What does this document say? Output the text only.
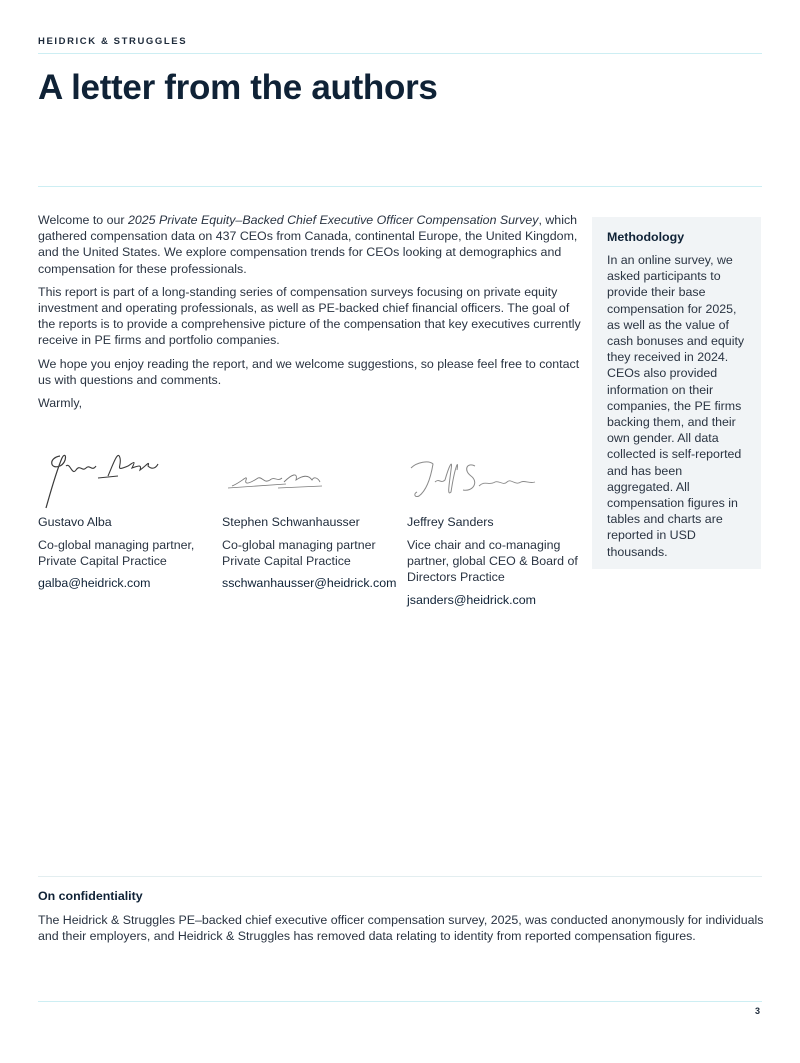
HEIDRICK & STRUGGLES
A letter from the authors

Welcome to our 2025 Private Equity–Backed Chief Executive Officer Compensation Survey, which gathered compensation data on 437 CEOs from Canada, continental Europe, the United Kingdom, and the United States. We explore compensation trends for CEOs looking at demographics and compensation for these professionals.

This report is part of a long-standing series of compensation surveys focusing on private equity investment and operating professionals, as well as PE-backed chief financial officers. The goal of the reports is to provide a comprehensive picture of the compensation that key executives currently receive in PE firms and portfolio companies.

We hope you enjoy reading the report, and we welcome suggestions, so please feel free to contact us with questions and comments.

Warmly,

Gustavo Alba
Co-global managing partner, Private Capital Practice
galba@heidrick.com
Stephen Schwanhausser
Co-global managing partner Private Capital Practice
sschwanhausser@heidrick.com
Jeffrey Sanders
Vice chair and co-managing partner, global CEO & Board of Directors Practice
jsanders@heidrick.com
Methodology
In an online survey, we asked participants to provide their base compensation for 2025, as well as the value of cash bonuses and equity they received in 2024. CEOs also provided information on their companies, the PE firms backing them, and their own gender. All data collected is self-reported and has been aggregated. All compensation figures in tables and charts are reported in USD thousands.
On confidentiality
The Heidrick & Struggles PE–backed chief executive officer compensation survey, 2025, was conducted anonymously for individuals and their employers, and Heidrick & Struggles has removed data relating to identity from reported compensation figures.
3
